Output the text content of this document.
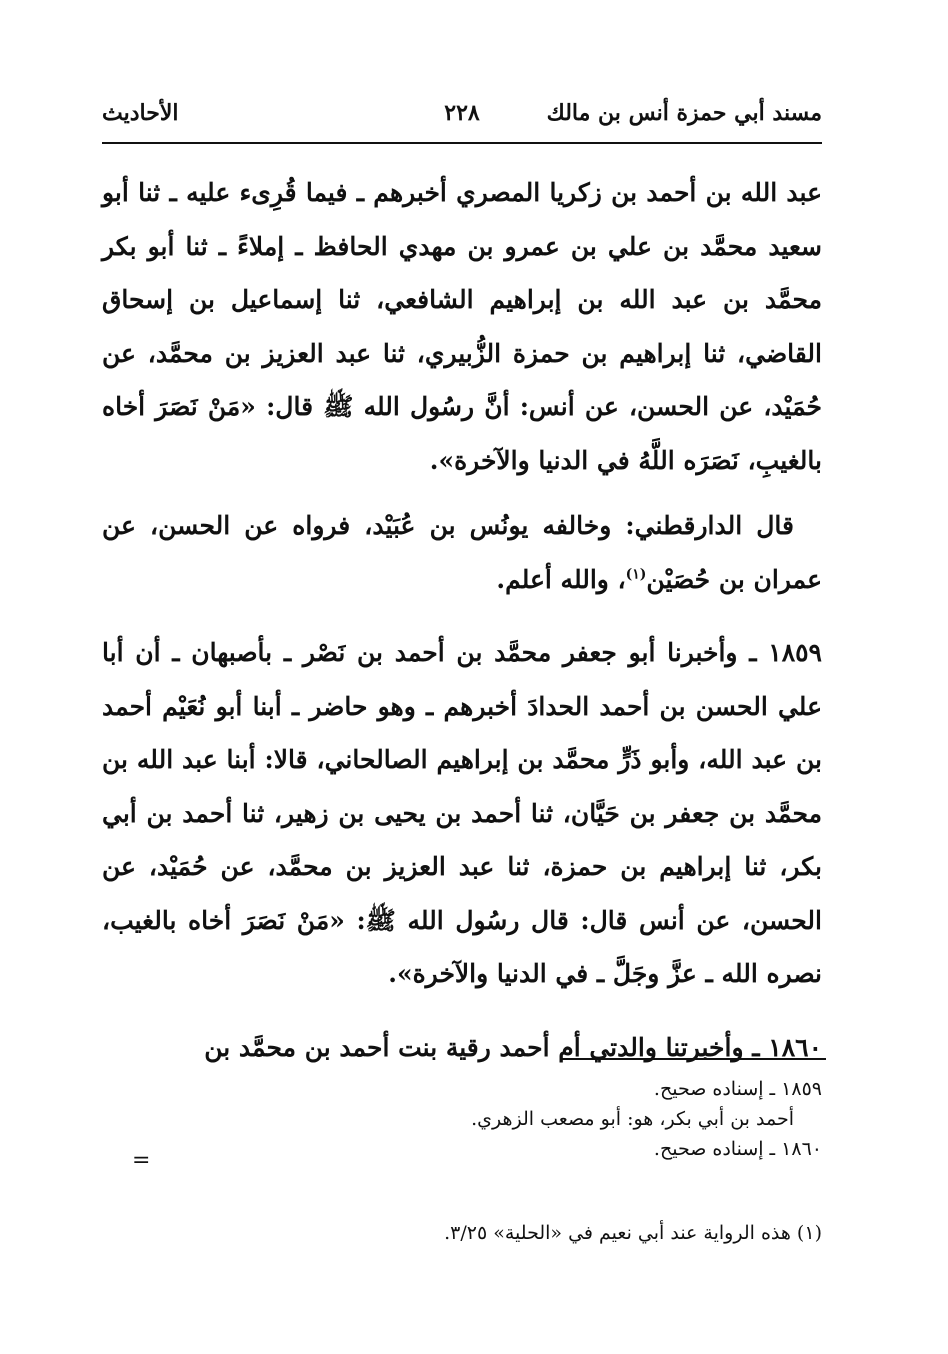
مسند أبي حمزة أنس بن مالك
٢٢٨
الأحاديث

عبد الله بن أحمد بن زكريا المصري أخبرهم ـ فيما قُرِىء عليه ـ ثنا أبو سعيد محمَّد بن علي بن عمرو بن مهدي الحافظ ـ إملاءً ـ ثنا أبو بكر محمَّد بن عبد الله بن إبراهيم الشافعي، ثنا إسماعيل بن إسحاق القاضي، ثنا إبراهيم بن حمزة الزُّبيري، ثنا عبد العزيز بن محمَّد، عن حُمَيْد، عن الحسن، عن أنس: أنَّ رسُول الله ﷺ قال: «مَنْ نَصَرَ أخاه بالغيبِ، نَصَرَه اللَّهُ في الدنيا والآخرة».

قال الدارقطني: وخالفه يونُس بن عُبَيْد، فرواه عن الحسن، عن عمران بن حُصَيْن$^{(١)}$، والله أعلم.

١٨٥٩ ـ وأخبرنا أبو جعفر محمَّد بن أحمد بن نَصْر ـ بأصبهان ـ أن أبا علي الحسن بن أحمد الحدادَ أخبرهم ـ وهو حاضر ـ أبنا أبو نُعَيْم أحمد بن عبد الله، وأبو ذَرٍّ محمَّد بن إبراهيم الصالحاني، قالا: أبنا عبد الله بن محمَّد بن جعفر بن حَيَّان، ثنا أحمد بن يحيى بن زهير، ثنا أحمد بن أبي بكر، ثنا إبراهيم بن حمزة، ثنا عبد العزيز بن محمَّد، عن حُمَيْد، عن الحسن، عن أنس قال: قال رسُول الله ﷺ: «مَنْ نَصَرَ أخاه بالغيب، نصره الله ـ عزَّ وجَلَّ ـ في الدنيا والآخرة».

١٨٦٠ ـ وأخبرتنا والدتي أم أحمد رقية بنت أحمد بن محمَّد بن

١٨٥٩ ـ إسناده صحيح.
أحمد بن أبي بكر، هو: أبو مصعب الزهري.
١٨٦٠ ـ إسناده صحيح.
=
(١) هذه الرواية عند أبي نعيم في «الحلية» ٣/٢٥.
